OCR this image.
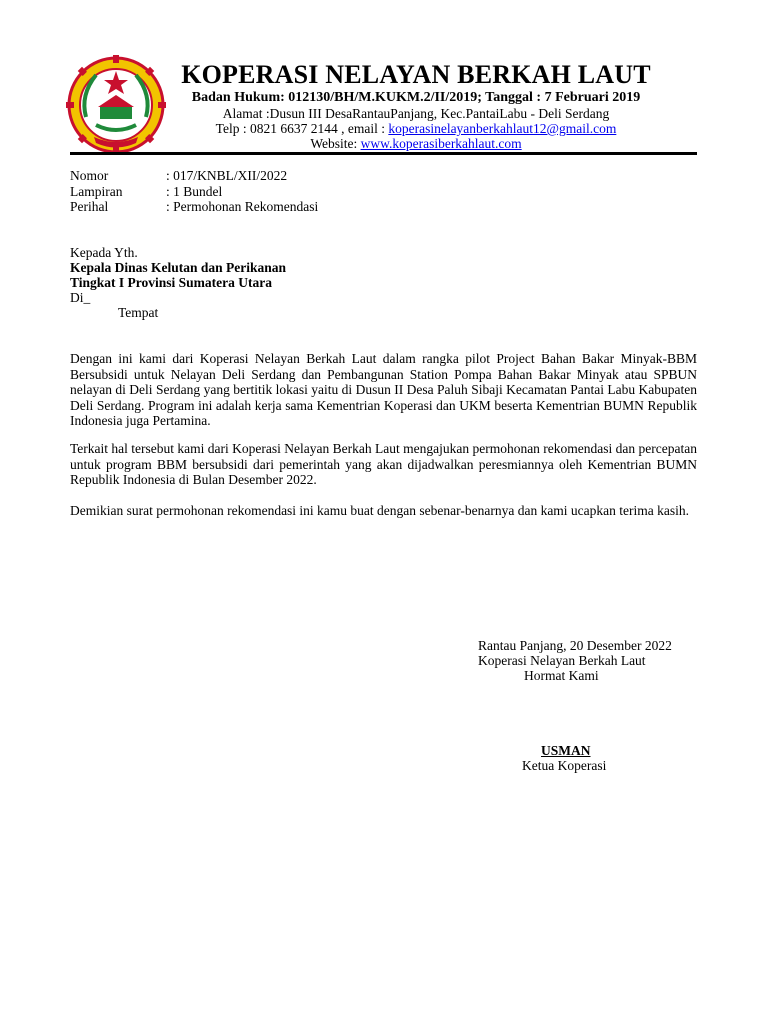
KOPERASI NELAYAN BERKAH LAUT
Badan Hukum: 012130/BH/M.KUKM.2/II/2019; Tanggal : 7 Februari 2019
Alamat :Dusun III DesaRantauPanjang, Kec.PantaiLabu - Deli Serdang
Telp : 0821 6637 2144 , email : koperasinelayanberkahlaut12@gmail.com
Website: www.koperasiberkahlaut.com
Nomor	: 017/KNBL/XII/2022
Lampiran	: 1 Bundel
Perihal	: Permohonan Rekomendasi
Kepada Yth.
Kepala Dinas Kelutan dan Perikanan
Tingkat I Provinsi Sumatera Utara
Di_
Tempat
Dengan ini kami dari Koperasi Nelayan Berkah Laut dalam rangka pilot Project Bahan Bakar Minyak-BBM Bersubsidi untuk Nelayan Deli Serdang dan Pembangunan Station Pompa Bahan Bakar Minyak atau SPBUN nelayan di Deli Serdang yang bertitik lokasi yaitu di Dusun II Desa Paluh Sibaji Kecamatan Pantai Labu Kabupaten Deli Serdang. Program ini adalah kerja sama Kementrian Koperasi dan UKM beserta Kementrian BUMN Republik Indonesia juga Pertamina.
Terkait hal tersebut kami dari Koperasi Nelayan Berkah Laut mengajukan permohonan rekomendasi dan percepatan untuk program BBM bersubsidi dari pemerintah yang akan dijadwalkan peresmiannya oleh Kementrian BUMN Republik Indonesia di Bulan Desember 2022.
Demikian surat permohonan rekomendasi ini kamu buat dengan sebenar-benarnya dan kami ucapkan terima kasih.
Rantau Panjang, 20 Desember 2022
Koperasi Nelayan Berkah Laut
Hormat Kami
USMAN
Ketua Koperasi
